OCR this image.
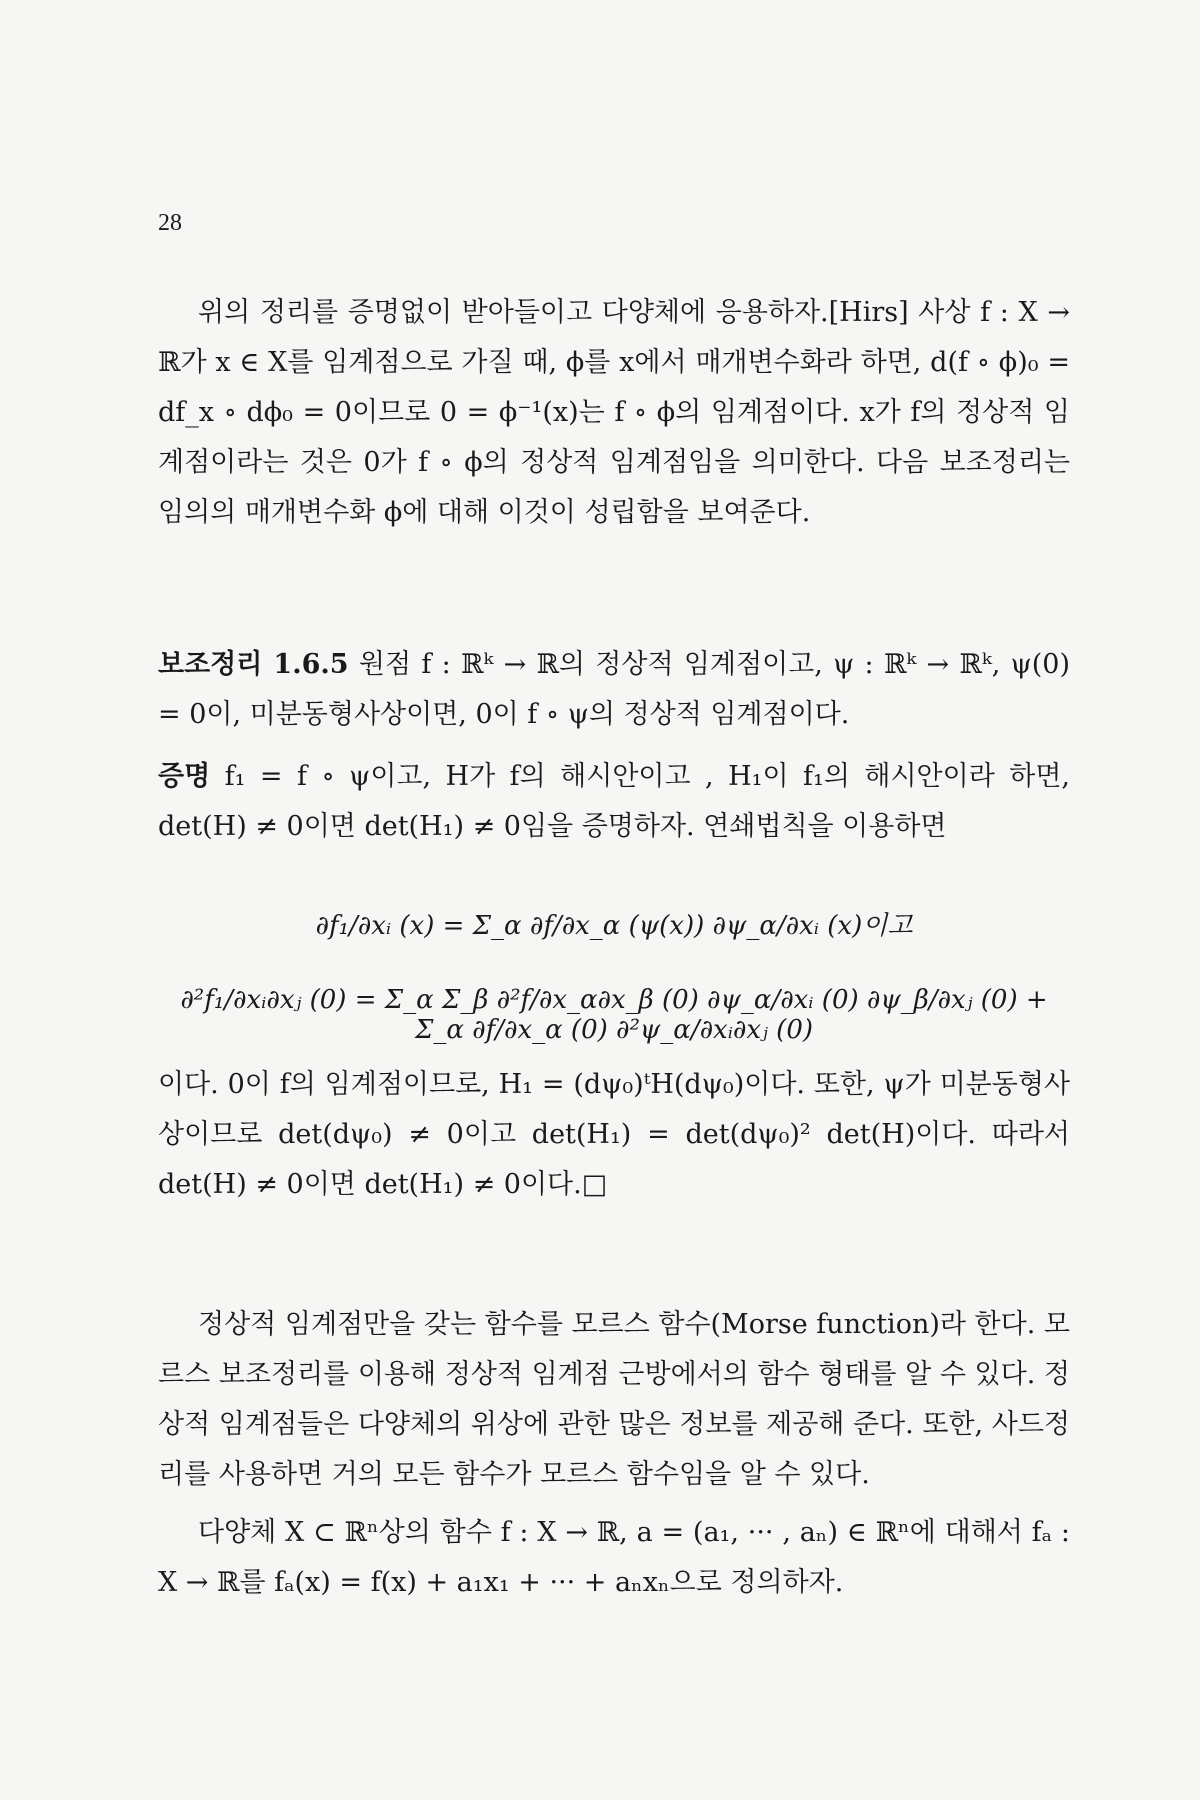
28

위의 정리를 증명없이 받아들이고 다양체에 응용하자.[Hirs] 사상 f : X → ℝ가 x ∈ X를 임계점으로 가질 때, ϕ를 x에서 매개변수화라 하면, d(f ∘ ϕ)₀ = df_x ∘ dϕ₀ = 0이므로 0 = ϕ⁻¹(x)는 f ∘ ϕ의 임계점이다. x가 f의 정상적 임계점이라는 것은 0가 f ∘ ϕ의 정상적 임계점임을 의미한다. 다음 보조정리는 임의의 매개변수화 ϕ에 대해 이것이 성립함을 보여준다.

보조정리 1.6.5 원점 f : ℝᵏ → ℝ의 정상적 임계점이고, ψ : ℝᵏ → ℝᵏ, ψ(0) = 0이, 미분동형사상이면, 0이 f ∘ ψ의 정상적 임계점이다.

증명 f₁ = f ∘ ψ이고, H가 f의 해시안이고 , H₁이 f₁의 해시안이라 하면, det(H) ≠ 0이면 det(H₁) ≠ 0임을 증명하자. 연쇄법칙을 이용하면

∂f₁/∂xᵢ (x) = Σ_α ∂f/∂x_α (ψ(x)) ∂ψ_α/∂xᵢ (x)이고
∂²f₁/∂xᵢ∂xⱼ (0) = Σ_α Σ_β ∂²f/∂x_α∂x_β (0) ∂ψ_α/∂xᵢ (0) ∂ψ_β/∂xⱼ (0) + Σ_α ∂f/∂x_α (0) ∂²ψ_α/∂xᵢ∂xⱼ (0)

이다. 0이 f의 임계점이므로, H₁ = (dψ₀)ᵗH(dψ₀)이다. 또한, ψ가 미분동형사상이므로 det(dψ₀) ≠ 0이고 det(H₁) = det(dψ₀)² det(H)이다. 따라서 det(H) ≠ 0이면 det(H₁) ≠ 0이다.□

정상적 임계점만을 갖는 함수를 모르스 함수(Morse function)라 한다. 모르스 보조정리를 이용해 정상적 임계점 근방에서의 함수 형태를 알 수 있다. 정상적 임계점들은 다양체의 위상에 관한 많은 정보를 제공해 준다. 또한, 사드정리를 사용하면 거의 모든 함수가 모르스 함수임을 알 수 있다.

다양체 X ⊂ ℝⁿ상의 함수 f : X → ℝ, a = (a₁, ··· , aₙ) ∈ ℝⁿ에 대해서 fₐ : X → ℝ를 fₐ(x) = f(x) + a₁x₁ + ··· + aₙxₙ으로 정의하자.
